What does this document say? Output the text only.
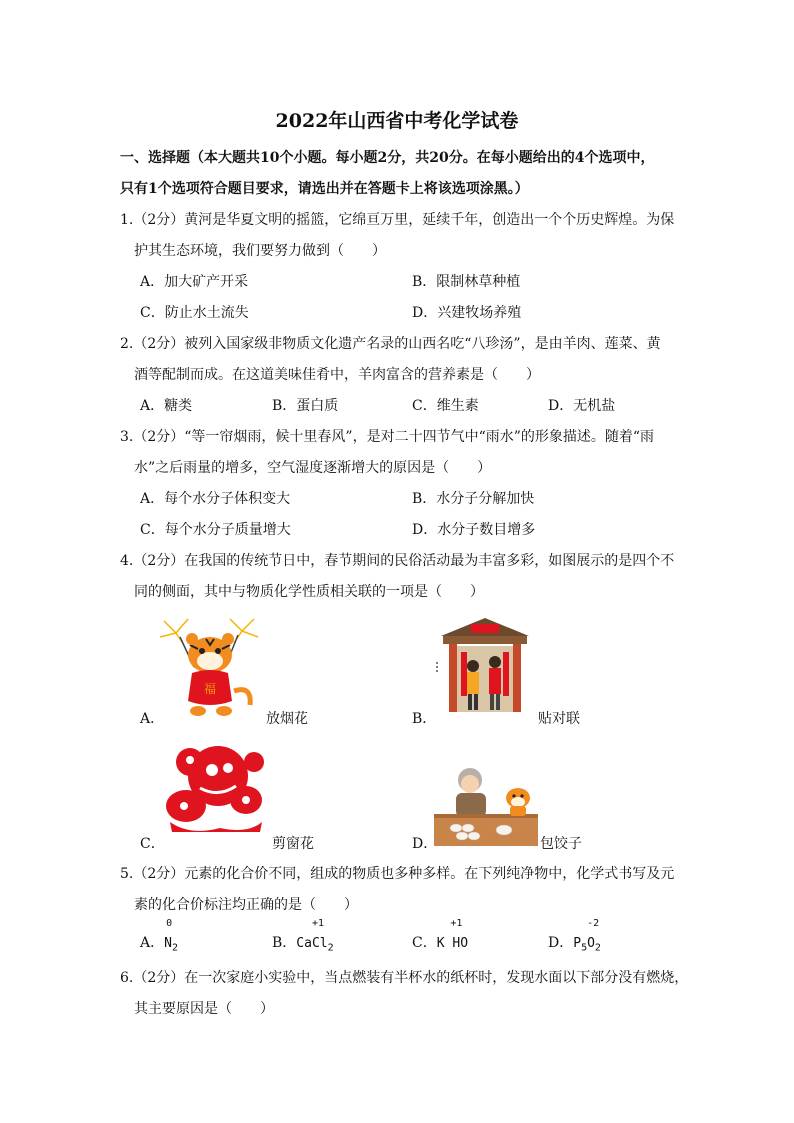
2022年山西省中考化学试卷
一、选择题（本大题共10个小题。每小题2分，共20分。在每小题给出的4个选项中，
只有1个选项符合题目要求，请选出并在答题卡上将该选项涂黑。）
1.（2分）黄河是华夏文明的摇篮，它绵亘万里，延续千年，创造出一个个历史辉煌。为保
护其生态环境，我们要努力做到（ ）
A．加大矿产开采	B．限制林草种植
C．防止水土流失	D．兴建牧场养殖
2.（2分）被列入国家级非物质文化遗产名录的山西名吃“八珍汤”，是由羊肉、莲菜、黄
酒等配制而成。在这道美味佳肴中，羊肉富含的营养素是（ ）
A．糖类	B．蛋白质	C．维生素	D．无机盐
3.（2分）“等一帘烟雨，候十里春风”，是对二十四节气中“雨水”的形象描述。随着“雨
水”之后雨量的增多，空气湿度逐渐增大的原因是（ ）
A．每个水分子体积变大	B．水分子分解加快
C．每个水分子质量增大	D．水分子数目增多
4.（2分）在我国的传统节日中，春节期间的民俗活动最为丰富多彩，如图展示的是四个不
同的侧面，其中与物质化学性质相关联的一项是（ ）
福
A．	放烟花	B．	贴对联
C．	剪窗花	D．	包饺子
5.（2分）元素的化合价不同，组成的物质也多种多样。在下列纯净物中，化学式书写及元
素的化合价标注均正确的是（ ）
A．
0
$N_2$	B．Ca
+1
$Cl_2$	C．K
+1
HO	D．$P_5$
-2
$O_2$
6.（2分）在一次家庭小实验中，当点燃装有半杯水的纸杯时，发现水面以下部分没有燃烧，
其主要原因是（ ）
